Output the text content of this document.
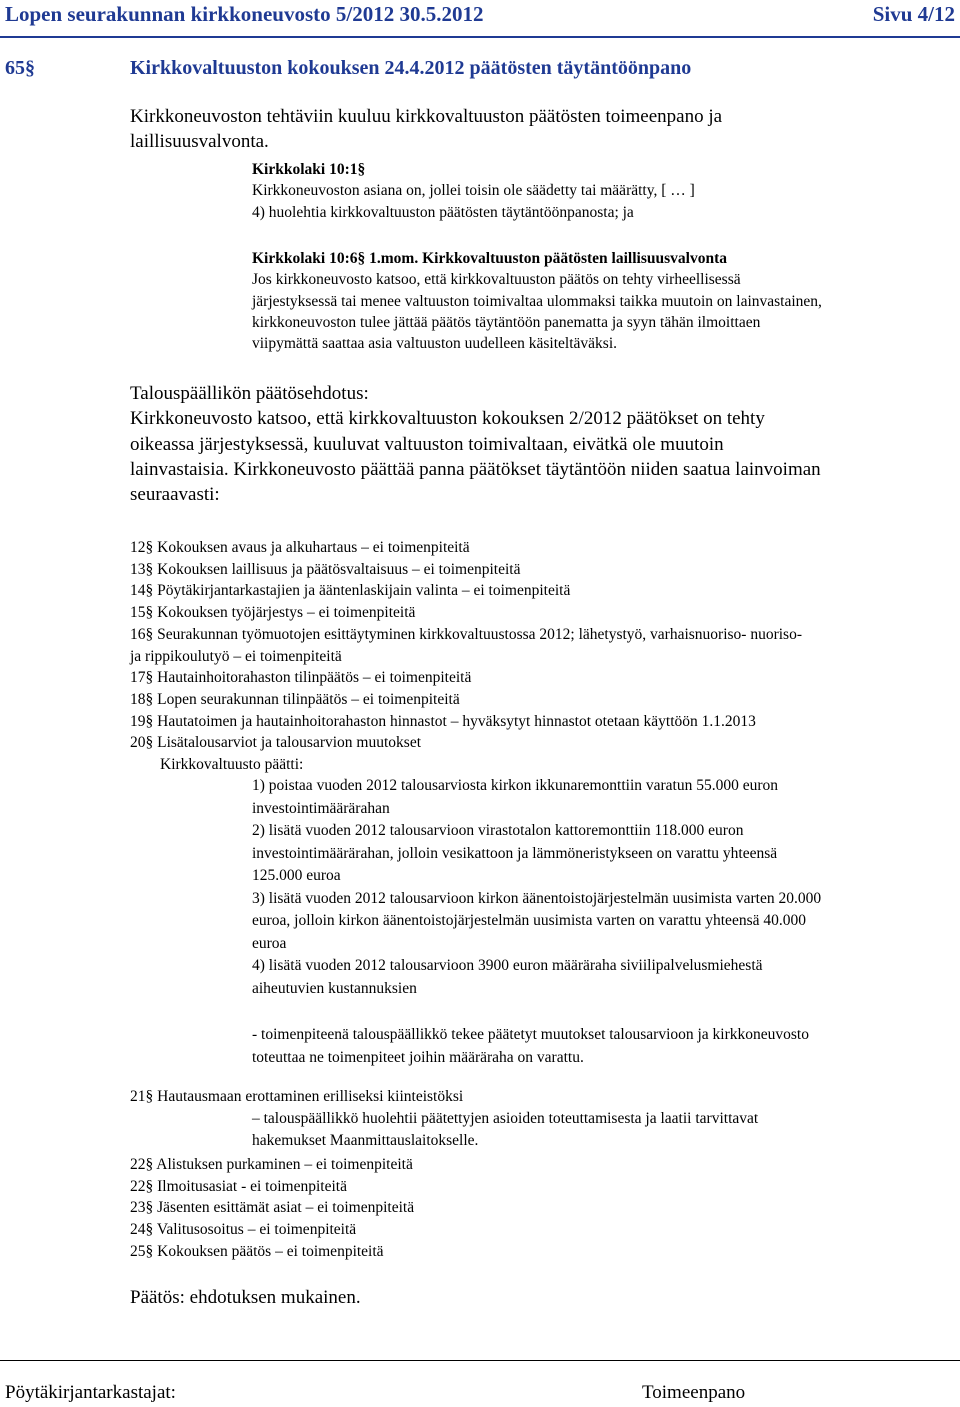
Lopen seurakunnan kirkkoneuvosto 5/2012 30.5.2012	Sivu 4/12
65§	Kirkkovaltuuston kokouksen 24.4.2012 päätösten täytäntöönpano
Kirkkoneuvoston tehtäviin kuuluu kirkkovaltuuston päätösten toimeenpano ja
laillisuusvalvonta.
Kirkkolaki 10:1§
Kirkkoneuvoston asiana on, jollei toisin ole säädetty tai määrätty, [ … ]
4) huolehtia kirkkovaltuuston päätösten täytäntöönpanosta; ja
Kirkkolaki 10:6§ 1.mom. Kirkkovaltuuston päätösten laillisuusvalvonta
Jos kirkkoneuvosto katsoo, että kirkkovaltuuston päätös on tehty virheellisessä
järjestyksessä tai menee valtuuston toimivaltaa ulommaksi taikka muutoin on lainvastainen,
kirkkoneuvoston tulee jättää päätös täytäntöön panematta ja syyn tähän ilmoittaen
viipymättä saattaa asia valtuuston uudelleen käsiteltäväksi.
Talouspäällikön päätösehdotus:
Kirkkoneuvosto katsoo, että kirkkovaltuuston kokouksen 2/2012 päätökset on tehty
oikeassa järjestyksessä, kuuluvat valtuuston toimivaltaan, eivätkä ole muutoin
lainvastaisia. Kirkkoneuvosto päättää panna päätökset täytäntöön niiden saatua lainvoiman
seuraavasti:
12§ Kokouksen avaus ja alkuhartaus – ei toimenpiteitä
13§ Kokouksen laillisuus ja päätösvaltaisuus – ei toimenpiteitä
14§ Pöytäkirjantarkastajien ja ääntenlaskijain valinta – ei toimenpiteitä
15§ Kokouksen työjärjestys – ei toimenpiteitä
16§ Seurakunnan työmuotojen esittäytyminen kirkkovaltuustossa 2012; lähetystyö, varhaisnuoriso- nuoriso-
ja rippikoulutyö – ei toimenpiteitä
17§ Hautainhoitorahaston tilinpäätös – ei toimenpiteitä
18§ Lopen seurakunnan tilinpäätös – ei toimenpiteitä
19§ Hautatoimen ja hautainhoitorahaston hinnastot – hyväksytyt hinnastot otetaan käyttöön 1.1.2013
20§ Lisätalousarviot ja talousarvion muutokset
Kirkkovaltuusto päätti:
1) poistaa vuoden 2012 talousarviosta kirkon ikkunaremonttiin varatun 55.000 euron
investointimäärärahan
2) lisätä vuoden 2012 talousarvioon virastotalon kattoremonttiin 118.000 euron
investointimäärärahan, jolloin vesikattoon ja lämmöneristykseen on varattu yhteensä
125.000 euroa
3) lisätä vuoden 2012 talousarvioon kirkon äänentoistojärjestelmän uusimista varten 20.000
euroa, jolloin kirkon äänentoistojärjestelmän uusimista varten on varattu yhteensä 40.000
euroa
4) lisätä vuoden 2012 talousarvioon 3900 euron määräraha siviilipalvelusmiehestä
aiheutuvien kustannuksien
- toimenpiteenä talouspäällikkö tekee päätetyt muutokset talousarvioon ja kirkkoneuvosto
toteuttaa ne toimenpiteet joihin määräraha on varattu.
21§ Hautausmaan erottaminen erilliseksi kiinteistöksi
– talouspäällikkö huolehtii päätettyjen asioiden toteuttamisesta ja laatii tarvittavat
hakemukset Maanmittauslaitokselle.
22§ Alistuksen purkaminen – ei toimenpiteitä
22§ Ilmoitusasiat - ei toimenpiteitä
23§ Jäsenten esittämät asiat – ei toimenpiteitä
24§ Valitusosoitus – ei toimenpiteitä
25§ Kokouksen päätös – ei toimenpiteitä
Päätös: ehdotuksen mukainen.
Pöytäkirjantarkastajat:	Toimeenpano
